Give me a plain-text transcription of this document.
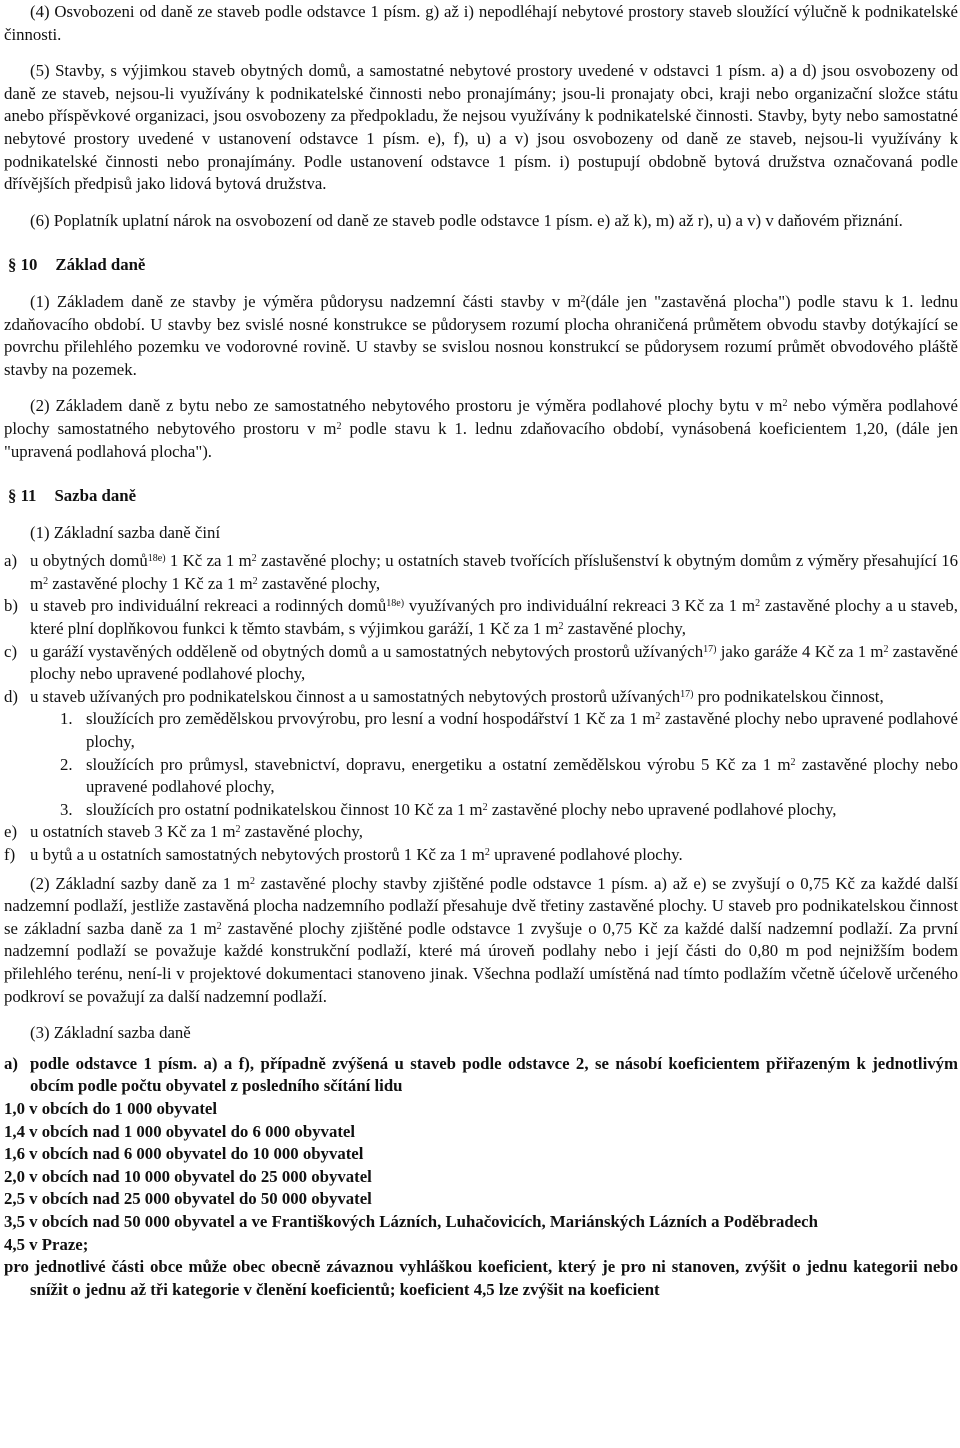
(4) Osvobozeni od daně ze staveb podle odstavce 1 písm. g) až i) nepodléhají nebytové prostory staveb sloužící výlučně k podnikatelské činnosti.

(5) Stavby, s výjimkou staveb obytných domů, a samostatné nebytové prostory uvedené v odstavci 1 písm. a) a d) jsou osvobozeny od daně ze staveb, nejsou-li využívány k podnikatelské činnosti nebo pronajímány; jsou-li pronajaty obci, kraji nebo organizační složce státu anebo příspěvkové organizaci, jsou osvobozeny za předpokladu, že nejsou využívány k podnikatelské činnosti. Stavby, byty nebo samostatné nebytové prostory uvedené v ustanovení odstavce 1 písm. e), f), u) a v) jsou osvobozeny od daně ze staveb, nejsou-li využívány k podnikatelské činnosti nebo pronajímány. Podle ustanovení odstavce 1 písm. i) postupují obdobně bytová družstva označovaná podle dřívějších předpisů jako lidová bytová družstva.

(6) Poplatník uplatní nárok na osvobození od daně ze staveb podle odstavce 1 písm. e) až k), m) až r), u) a v) v daňovém přiznání.

§ 10 Základ daně

(1) Základem daně ze stavby je výměra půdorysu nadzemní části stavby v $m^2(dále$ jen "zastavěná plocha") podle stavu k 1. lednu zdaňovacího období. U stavby bez svislé nosné konstrukce se půdorysem rozumí plocha ohraničená průmětem obvodu stavby dotýkající se povrchu přilehlého pozemku ve vodorovné rovině. U stavby se svislou nosnou konstrukcí se půdorysem rozumí průmět obvodového pláště stavby na pozemek.

(2) Základem daně z bytu nebo ze samostatného nebytového prostoru je výměra podlahové plochy bytu v $m^2$ nebo výměra podlahové plochy samostatného nebytového prostoru v $m^2$ podle stavu k 1. lednu zdaňovacího období, vynásobená koeficientem 1,20, (dále jen "upravená podlahová plocha").

§ 11 Sazba daně

(1) Základní sazba daně činí

a) u obytných domů$^{18e)}$ 1 Kč za 1 $m^2$ zastavěné plochy; u ostatních staveb tvořících příslušenství k obytným domům z výměry přesahující 16 $m^2$ zastavěné plochy 1 Kč za 1 $m^2$ zastavěné plochy,
b) u staveb pro individuální rekreaci a rodinných domů$^{18e)}$ využívaných pro individuální rekreaci 3 Kč za 1 $m^2$ zastavěné plochy a u staveb, které plní doplňkovou funkci k těmto stavbám, s výjimkou garáží, 1 Kč za 1 $m^2$ zastavěné plochy,
c) u garáží vystavěných odděleně od obytných domů a u samostatných nebytových prostorů užívaných$^{17)}$ jako garáže 4 Kč za 1 $m^2$ zastavěné plochy nebo upravené podlahové plochy,
d) u staveb užívaných pro podnikatelskou činnost a u samostatných nebytových prostorů užívaných$^{17)}$ pro podnikatelskou činnost,
1. sloužících pro zemědělskou prvovýrobu, pro lesní a vodní hospodářství 1 Kč za 1 $m^2$ zastavěné plochy nebo upravené podlahové plochy,
2. sloužících pro průmysl, stavebnictví, dopravu, energetiku a ostatní zemědělskou výrobu 5 Kč za 1 $m^2$ zastavěné plochy nebo upravené podlahové plochy,
3. sloužících pro ostatní podnikatelskou činnost 10 Kč za 1 $m^2$ zastavěné plochy nebo upravené podlahové plochy,
e) u ostatních staveb 3 Kč za 1 $m^2$ zastavěné plochy,
f) u bytů a u ostatních samostatných nebytových prostorů 1 Kč za 1 $m^2$ upravené podlahové plochy.

(2) Základní sazby daně za 1 $m^2$ zastavěné plochy stavby zjištěné podle odstavce 1 písm. a) až e) se zvyšují o 0,75 Kč za každé další nadzemní podlaží, jestliže zastavěná plocha nadzemního podlaží přesahuje dvě třetiny zastavěné plochy. U staveb pro podnikatelskou činnost se základní sazba daně za 1 $m^2$ zastavěné plochy zjištěné podle odstavce 1 zvyšuje o 0,75 Kč za každé další nadzemní podlaží. Za první nadzemní podlaží se považuje každé konstrukční podlaží, které má úroveň podlahy nebo i její části do 0,80 m pod nejnižším bodem přilehlého terénu, není-li v projektové dokumentaci stanoveno jinak. Všechna podlaží umístěná nad tímto podlažím včetně účelově určeného podkroví se považují za další nadzemní podlaží.

(3) Základní sazba daně

a) podle odstavce 1 písm. a) a f), případně zvýšená u staveb podle odstavce 2, se násobí koeficientem přiřazeným k jednotlivým obcím podle počtu obyvatel z posledního sčítání lidu
1,0 v obcích do 1 000 obyvatel
1,4 v obcích nad 1 000 obyvatel do 6 000 obyvatel
1,6 v obcích nad 6 000 obyvatel do 10 000 obyvatel
2,0 v obcích nad 10 000 obyvatel do 25 000 obyvatel
2,5 v obcích nad 25 000 obyvatel do 50 000 obyvatel
3,5 v obcích nad 50 000 obyvatel a ve Františkových Lázních, Luhačovicích, Mariánských Lázních a Poděbradech
4,5 v Praze;
pro jednotlivé části obce může obec obecně závaznou vyhláškou koeficient, který je pro ni stanoven, zvýšit o jednu kategorii nebo snížit o jednu až tři kategorie v členění koeficientů; koeficient 4,5 lze zvýšit na koeficient
